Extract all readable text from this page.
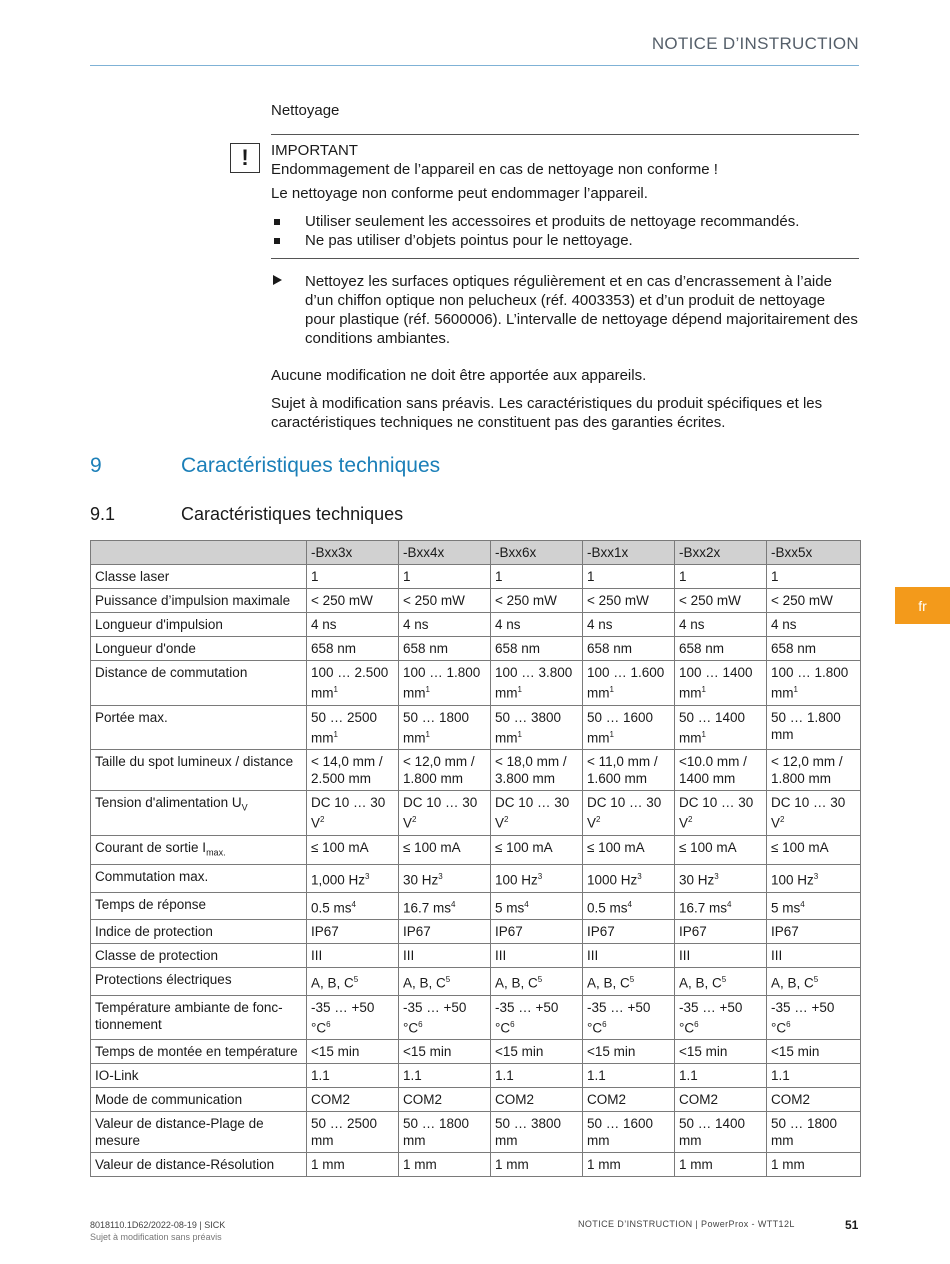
NOTICE D’INSTRUCTION
fr
Nettoyage
!	IMPORTANT
Endommagement de l’appareil en cas de nettoyage non conforme !
Le nettoyage non conforme peut endommager l’appareil.
Utiliser seulement les accessoires et produits de nettoyage recommandés.
Ne pas utiliser d’objets pointus pour le nettoyage.
Nettoyez les surfaces optiques régulièrement et en cas d’encrassement à l’aide d’un chiffon optique non pelucheux (réf. 4003353) et d’un produit de nettoyage pour plastique (réf. 5600006). L’intervalle de nettoyage dépend majoritairement des conditions ambiantes.
Aucune modification ne doit être apportée aux appareils.
Sujet à modification sans préavis. Les caractéristiques du produit spécifiques et les caractéristiques techniques ne constituent pas des garanties écrites.
9	Caractéristiques techniques
9.1	Caractéristiques techniques
	-Bxx3x	-Bxx4x	-Bxx6x	-Bxx1x	-Bxx2x	-Bxx5x
Classe laser	1	1	1	1	1	1
Puissance d’impulsion maximale	< 250 mW	< 250 mW	< 250 mW	< 250 mW	< 250 mW	< 250 mW
Longueur d'impulsion	4 ns	4 ns	4 ns	4 ns	4 ns	4 ns
Longueur d'onde	658 nm	658 nm	658 nm	658 nm	658 nm	658 nm
Distance de commutation	100 … 2.500 $mm^1$	100 … 1.800 $mm^1$	100 … 3.800 $mm^1$	100 … 1.600 $mm^1$	100 … 1400 $mm^1$	100 … 1.800 $mm^1$
Portée max.	50 … 2500 $mm^1$	50 … 1800 $mm^1$	50 … 3800 $mm^1$	50 … 1600 $mm^1$	50 … 1400 $mm^1$	50 … 1.800 mm
Taille du spot lumineux / distance	< 14,0 mm / 2.500 mm	< 12,0 mm / 1.800 mm	< 18,0 mm / 3.800 mm	< 11,0 mm / 1.600 mm	<10.0 mm / 1400 mm	< 12,0 mm / 1.800 mm
Tension d'alimentation $U_V$	DC 10 … 30 $V^2$	DC 10 … 30 $V^2$	DC 10 … 30 $V^2$	DC 10 … 30 $V^2$	DC 10 … 30 $V^2$	DC 10 … 30 $V^2$
Courant de sortie $I_{max.}$	≤ 100 mA	≤ 100 mA	≤ 100 mA	≤ 100 mA	≤ 100 mA	≤ 100 mA
Commutation max.	1,000 Hz$^3$	30 Hz$^3$	100 Hz$^3$	1000 Hz$^3$	30 Hz$^3$	100 Hz$^3$
Temps de réponse	0.5 $ms^4$	16.7 $ms^4$	5 $ms^4$	0.5 $ms^4$	16.7 $ms^4$	5 $ms^4$
Indice de protection	IP67	IP67	IP67	IP67	IP67	IP67
Classe de protection	III	III	III	III	III	III
Protections électriques	A, B, $C^5$	A, B, $C^5$	A, B, $C^5$	A, B, $C^5$	A, B, $C^5$	A, B, $C^5$
Température ambiante de fonc-tionnement	-35 … +50 $^\circ C^6$	-35 … +50 $^\circ C^6$	-35 … +50 $^\circ C^6$	-35 … +50 $^\circ C^6$	-35 … +50 $^\circ C^6$	-35 … +50 $^\circ C^6$
Temps de montée en température	<15 min	<15 min	<15 min	<15 min	<15 min	<15 min
IO-Link	1.1	1.1	1.1	1.1	1.1	1.1
Mode de communication	COM2	COM2	COM2	COM2	COM2	COM2
Valeur de distance-Plage de mesure	50 … 2500 mm	50 … 1800 mm	50 … 3800 mm	50 … 1600 mm	50 … 1400 mm	50 … 1800 mm
Valeur de distance-Résolution	1 mm	1 mm	1 mm	1 mm	1 mm	1 mm
8018110.1D62/2022-08-19 | SICK
Sujet à modification sans préavis
NOTICE D’INSTRUCTION | PowerProx - WTT12L	51
